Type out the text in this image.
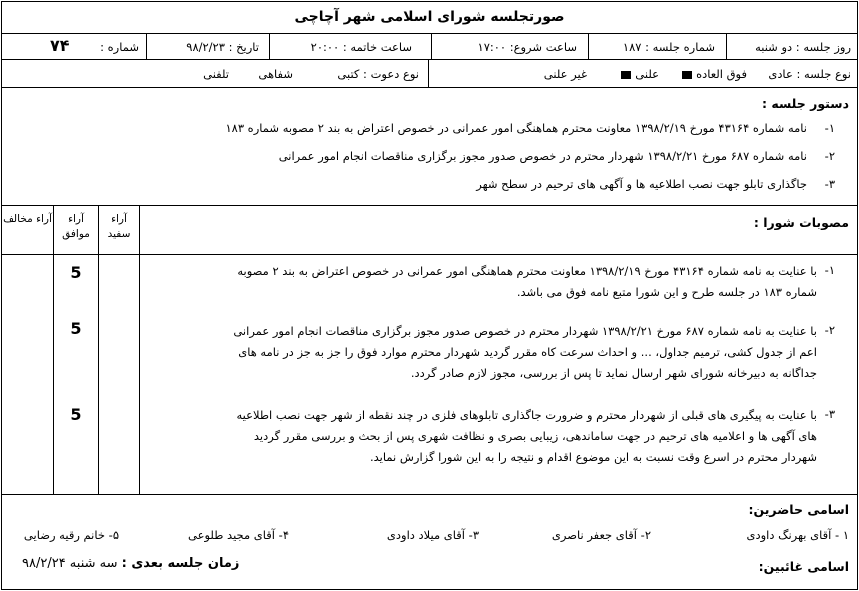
صورتجلسه شورای اسلامی شهر آچاچی
روز جلسه : دو شنبه
شماره جلسه : ۱۸۷
ساعت شروع: ۱۷:۰۰
ساعت خاتمه : ۲۰:۰۰
تاریخ : ۹۸/۲/۲۳
شماره :
۷۴
نوع جلسه : عادی
فوق العاده
علنی
غیر علنی
نوع دعوت : کتبی
شفاهی
تلفنی
دستور جلسه :
۱-
نامه شماره ۴۳۱۶۴ مورخ ۱۳۹۸/۲/۱۹ معاونت محترم هماهنگی امور عمرانی در خصوص اعتراض به بند ۲ مصوبه شماره ۱۸۳
۲-
نامه شماره ۶۸۷ مورخ ۱۳۹۸/۲/۲۱ شهردار محترم در خصوص صدور مجوز برگزاری مناقصات انجام امور عمرانی
۳-
جاگذاری تابلو جهت نصب اطلاعیه ها و آگهی های ترحیم در سطح شهر
مصوبات شورا :
آراء سفید
آراء موافق
آراء مخالف
۱-
با عنایت به نامه شماره ۴۳۱۶۴ مورخ ۱۳۹۸/۲/۱۹ معاونت محترم هماهنگی امور عمرانی در خصوص اعتراض به بند ۲ مصوبه
شماره ۱۸۳ در جلسه طرح و این شورا متبع نامه فوق می باشد.
5
۲-
با عنایت به نامه شماره ۶۸۷ مورخ ۱۳۹۸/۲/۲۱ شهردار محترم در خصوص صدور مجوز برگزاری مناقصات انجام امور عمرانی
اعم از جدول کشی، ترمیم جداول، ... و احداث سرعت کاه مقرر گردید شهردار محترم موارد فوق را جز به جز در نامه های
جداگانه به دبیرخانه شورای شهر ارسال نماید تا پس از بررسی، مجوز لازم صادر گردد.
5
۳-
با عنایت به پیگیری های قبلی از شهردار محترم و ضرورت جاگذاری تابلوهای فلزی در چند نقطه از شهر جهت نصب اطلاعیه
های آگهی ها و اعلامیه های ترحیم در جهت ساماندهی، زیبایی بصری و نظافت شهری پس از بحث و بررسی مقرر گردید
شهردار محترم در اسرع وقت نسبت به این موضوع اقدام و نتیجه را به این شورا گزارش نماید.
5
اسامی حاضرین:
۱ - آقای بهرنگ داودی
۲- آقای جعفر ناصری
۳- آقای میلاد داودی
۴- آقای مجید طلوعی
۵- خانم رقیه رضایی
اسامی غائبین:
زمان جلسه بعدی : سه شنبه ۹۸/۲/۲۴
